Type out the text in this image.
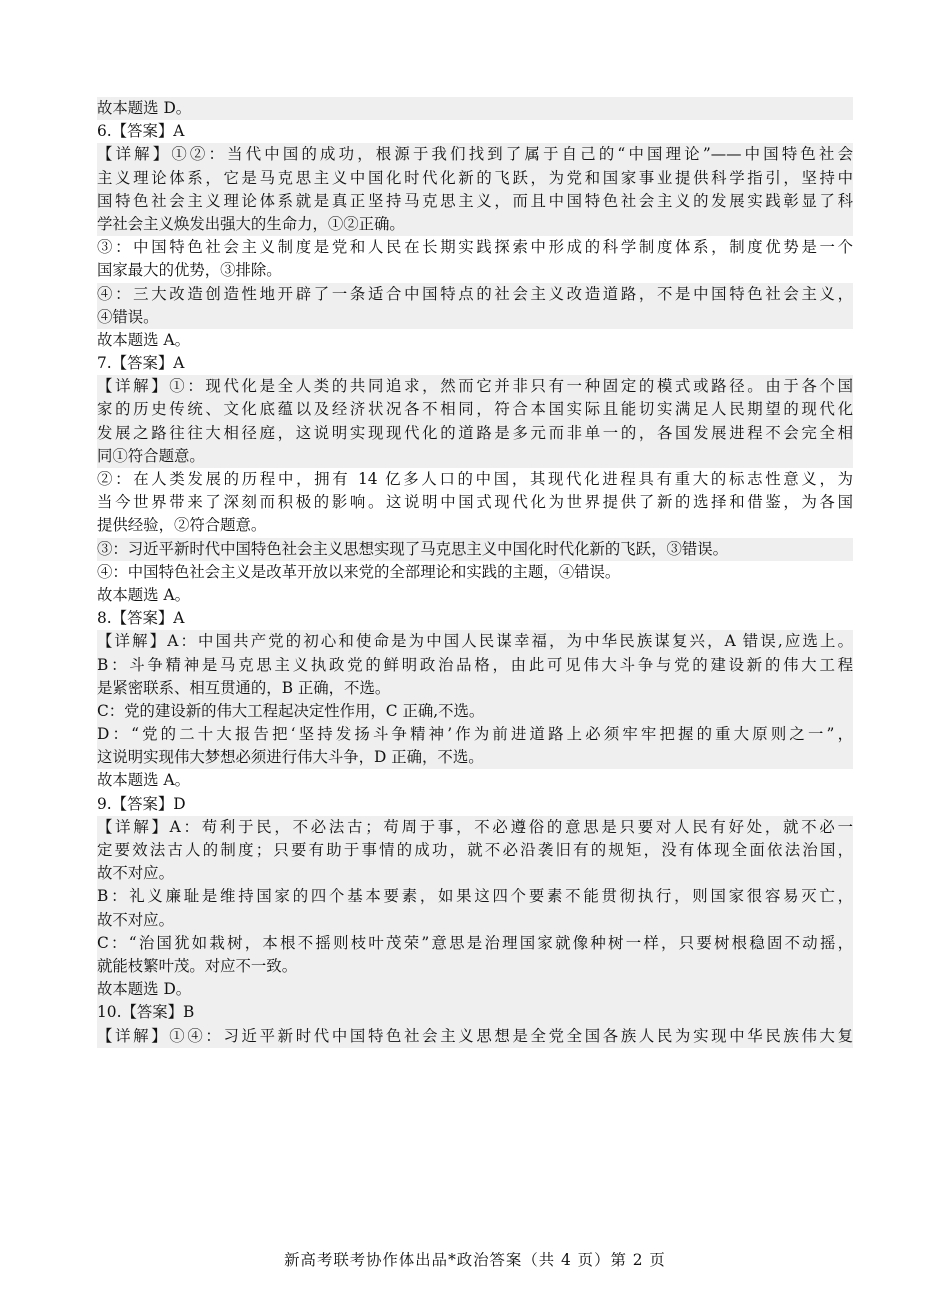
故本题选 D。
6.【答案】A
【详解】①②：当代中国的成功，根源于我们找到了属于自己的“中国理论”——中国特色社会
主义理论体系，它是马克思主义中国化时代化新的飞跃，为党和国家事业提供科学指引，坚持中
国特色社会主义理论体系就是真正坚持马克思主义，而且中国特色社会主义的发展实践彰显了科
学社会主义焕发出强大的生命力，①②正确。
③：中国特色社会主义制度是党和人民在长期实践探索中形成的科学制度体系，制度优势是一个
国家最大的优势，③排除。
④：三大改造创造性地开辟了一条适合中国特点的社会主义改造道路，不是中国特色社会主义，
④错误。
故本题选 A。
7.【答案】A
【详解】①：现代化是全人类的共同追求，然而它并非只有一种固定的模式或路径。由于各个国
家的历史传统、文化底蕴以及经济状况各不相同，符合本国实际且能切实满足人民期望的现代化
发展之路往往大相径庭，这说明实现现代化的道路是多元而非单一的，各国发展进程不会完全相
同①符合题意。
②：在人类发展的历程中，拥有 14 亿多人口的中国，其现代化进程具有重大的标志性意义，为
当今世界带来了深刻而积极的影响。这说明中国式现代化为世界提供了新的选择和借鉴，为各国
提供经验，②符合题意。
③：习近平新时代中国特色社会主义思想实现了马克思主义中国化时代化新的飞跃，③错误。
④：中国特色社会主义是改革开放以来党的全部理论和实践的主题，④错误。
故本题选 A。
8.【答案】A
【详解】A：中国共产党的初心和使命是为中国人民谋幸福，为中华民族谋复兴，A 错误,应选上。
B：斗争精神是马克思主义执政党的鲜明政治品格，由此可见伟大斗争与党的建设新的伟大工程
是紧密联系、相互贯通的，B 正确，不选。
C：党的建设新的伟大工程起决定性作用，C 正确,不选。
D：“党的二十大报告把‘坚持发扬斗争精神’作为前进道路上必须牢牢把握的重大原则之一”，
这说明实现伟大梦想必须进行伟大斗争，D 正确，不选。
故本题选 A。
9.【答案】D
【详解】A：苟利于民，不必法古；苟周于事，不必遵俗的意思是只要对人民有好处，就不必一
定要效法古人的制度；只要有助于事情的成功，就不必沿袭旧有的规矩，没有体现全面依法治国，
故不对应。
B：礼义廉耻是维持国家的四个基本要素，如果这四个要素不能贯彻执行，则国家很容易灭亡，
故不对应。
C：“治国犹如栽树，本根不摇则枝叶茂荣”意思是治理国家就像种树一样，只要树根稳固不动摇，
就能枝繁叶茂。对应不一致。
故本题选 D。
10.【答案】B
【详解】①④：习近平新时代中国特色社会主义思想是全党全国各族人民为实现中华民族伟大复
新高考联考协作体出品*政治答案（共 4 页）第 2 页
